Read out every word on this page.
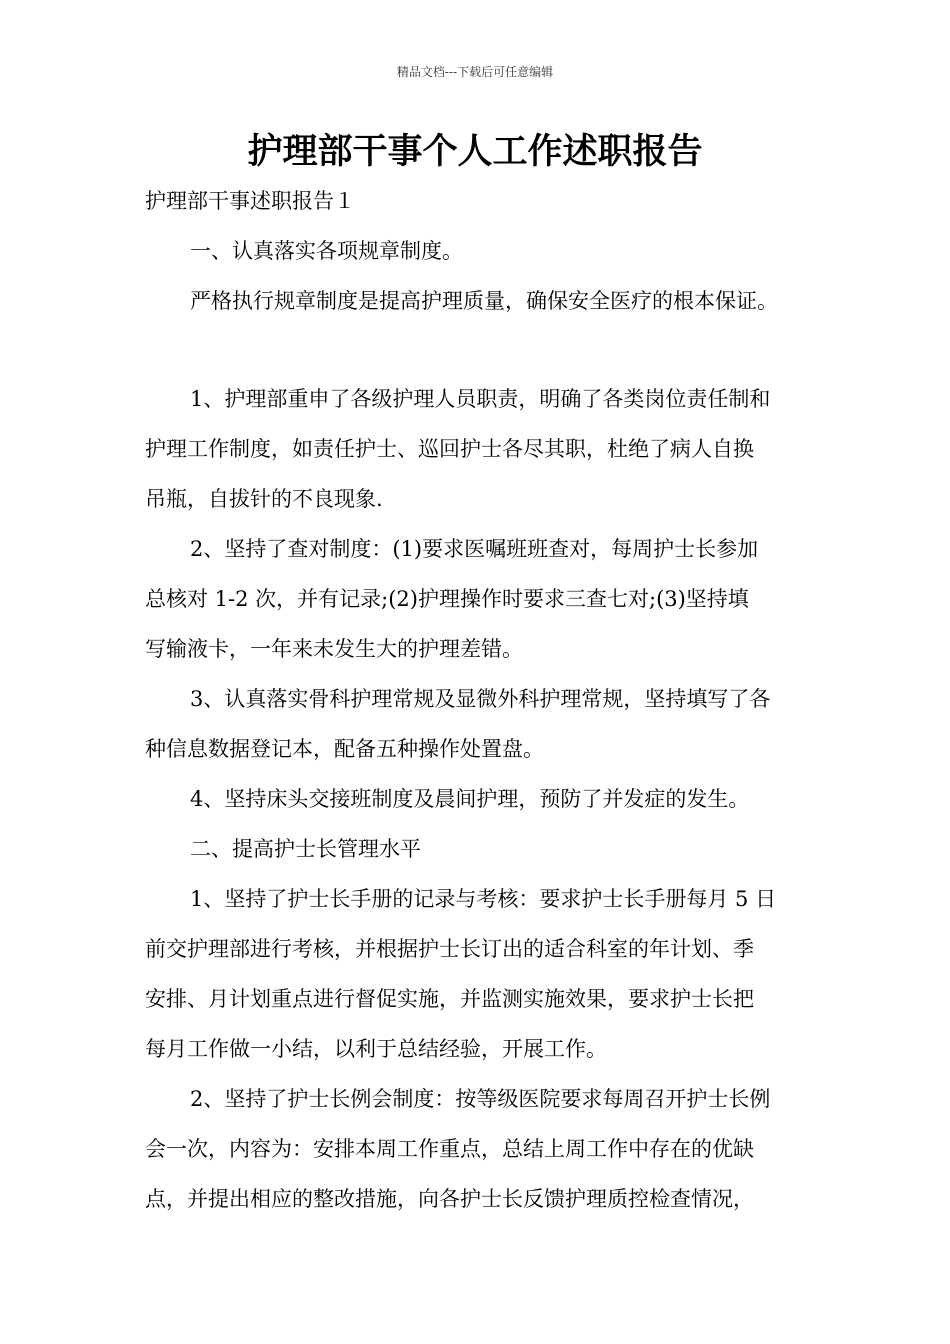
精品文档---下载后可任意编辑
护理部干事个人工作述职报告
护理部干事述职报告１
一、认真落实各项规章制度。
严格执行规章制度是提高护理质量，确保安全医疗的根本保证。
1、护理部重申了各级护理人员职责，明确了各类岗位责任制和
护理工作制度，如责任护士、巡回护士各尽其职，杜绝了病人自换
吊瓶，自拔针的不良现象.
2、坚持了查对制度：(1)要求医嘱班班查对，每周护士长参加
总核对 1-2 次，并有记录;(2)护理操作时要求三查七对;(3)坚持填
写输液卡，一年来未发生大的护理差错。
3、认真落实骨科护理常规及显微外科护理常规，坚持填写了各
种信息数据登记本，配备五种操作处置盘。
4、坚持床头交接班制度及晨间护理，预防了并发症的发生。
二、提高护士长管理水平
1、坚持了护士长手册的记录与考核：要求护士长手册每月 5 日
前交护理部进行考核，并根据护士长订出的适合科室的年计划、季
安排、月计划重点进行督促实施，并监测实施效果，要求护士长把
每月工作做一小结，以利于总结经验，开展工作。
2、坚持了护士长例会制度：按等级医院要求每周召开护士长例
会一次，内容为：安排本周工作重点，总结上周工作中存在的优缺
点，并提出相应的整改措施，向各护士长反馈护理质控检查情况，
